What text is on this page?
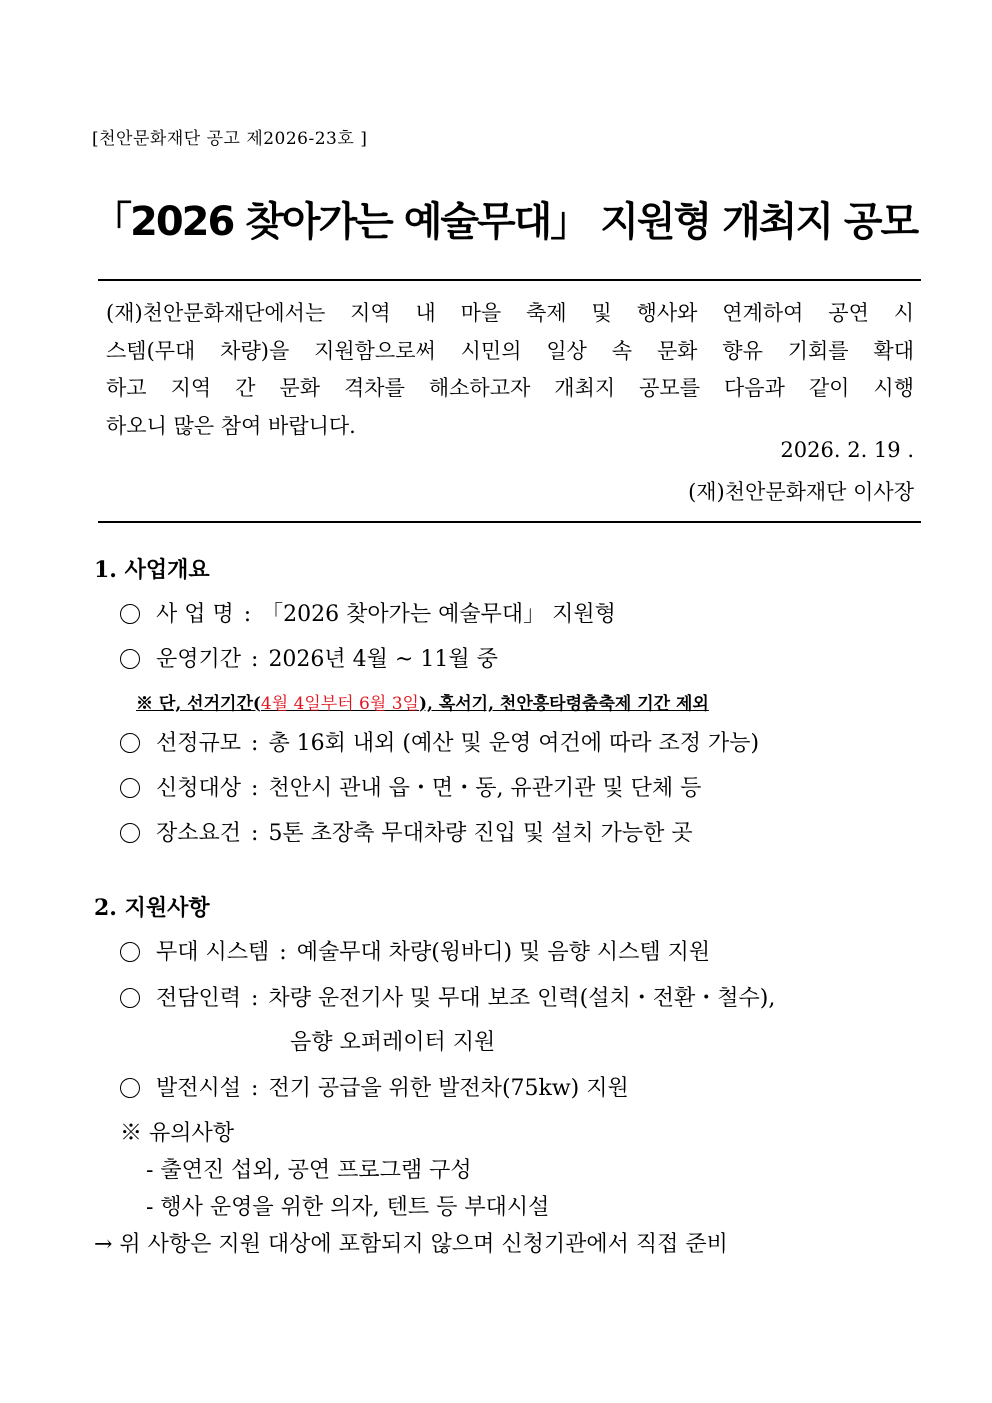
[천안문화재단 공고 제2026-23호 ]
「2026 찾아가는 예술무대」 지원형 개최지 공모
(재)천안문화재단에서는 지역 내 마을 축제 및 행사와 연계하여 공연 시
스템(무대 차량)을 지원함으로써 시민의 일상 속 문화 향유 기회를 확대
하고 지역 간 문화 격차를 해소하고자 개최지 공모를 다음과 같이 시행
하오니 많은 참여 바랍니다.
2026. 2. 19 .
(재)천안문화재단 이사장
1. 사업개요
사 업 명 : 「2026 찾아가는 예술무대」 지원형
운영기간 : 2026년 4월 ~ 11월 중
※ 단, 선거기간(4월 4일부터 6월 3일), 혹서기, 천안흥타령춤축제 기간 제외
선정규모 : 총 16회 내외 (예산 및 운영 여건에 따라 조정 가능)
신청대상 : 천안시 관내 읍・면・동, 유관기관 및 단체 등
장소요건 : 5톤 초장축 무대차량 진입 및 설치 가능한 곳
2. 지원사항
무대 시스템 : 예술무대 차량(윙바디) 및 음향 시스템 지원
전담인력 : 차량 운전기사 및 무대 보조 인력(설치・전환・철수),
음향 오퍼레이터 지원
발전시설 : 전기 공급을 위한 발전차(75kw) 지원
※ 유의사항
- 출연진 섭외, 공연 프로그램 구성
- 행사 운영을 위한 의자, 텐트 등 부대시설
→ 위 사항은 지원 대상에 포함되지 않으며 신청기관에서 직접 준비
